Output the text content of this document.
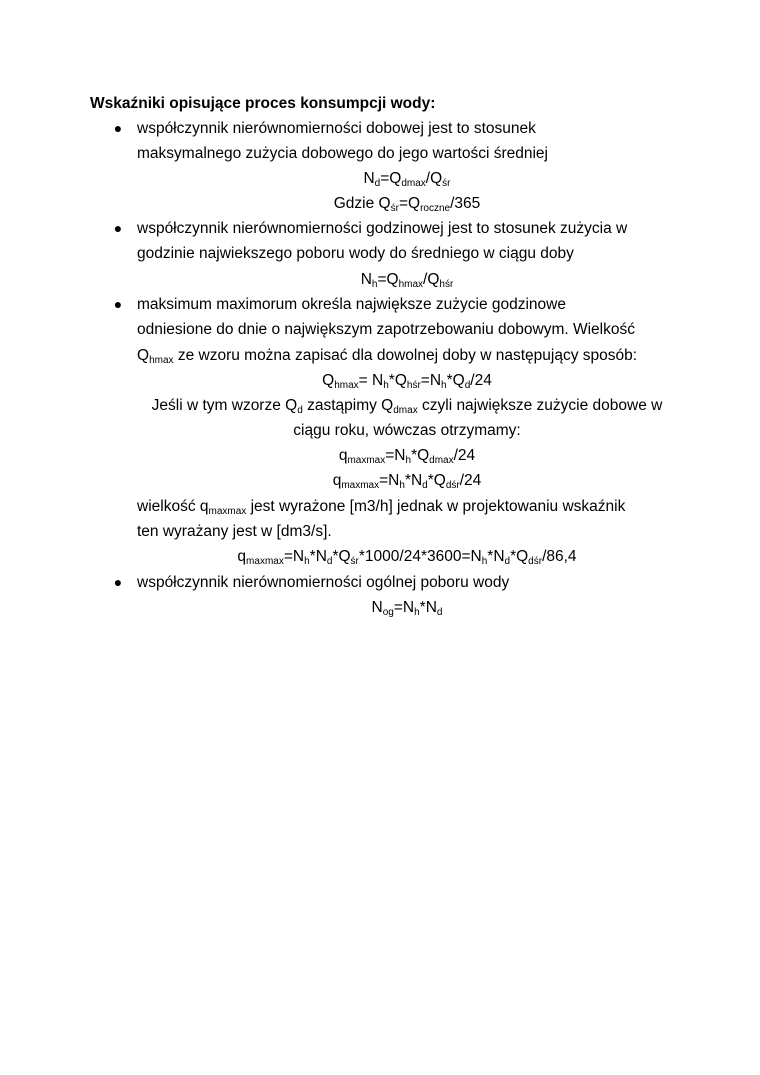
Wskaźniki opisujące proces konsumpcji wody:
● współczynnik nierównomierności dobowej jest to stosunek
maksymalnego zużycia dobowego do jego wartości średniej
$N_d=Q_{dmax}/Q_{śr}$
Gdzie $Q_{śr}=Q_{roczne}/365$
● współczynnik nierównomierności godzinowej jest to stosunek zużycia w
godzinie najwiekszego poboru wody do średniego w ciągu doby
$N_h=Q_{hmax}/Q_{hśr}$
● maksimum maximorum określa największe zużycie godzinowe
odniesione do dnie o największym zapotrzebowaniu dobowym. Wielkość
$Q_{hmax}$ ze wzoru można zapisać dla dowolnej doby w następujący sposób:
$Q_{hmax}= N_h*Q_{hśr}=N_h*Q_d/24$
Jeśli w tym wzorze $Q_d$ zastąpimy $Q_{dmax}$ czyli największe zużycie dobowe w
ciągu roku, wówczas otrzymamy:
$q_{maxmax}=N_h*Q_{dmax}/24$
$q_{maxmax}=N_h*N_d*Q_{dśr}/24$
wielkość $q_{maxmax}$ jest wyrażone [m3/h] jednak w projektowaniu wskaźnik
ten wyrażany jest w [dm3/s].
$q_{maxmax}=N_h*N_d*Q_{śr}*1000/24*3600=N_h*N_d*Q_{dśr}/86,4$
● współczynnik nierównomierności ogólnej poboru wody
$N_{og}=N_h*N_d$
